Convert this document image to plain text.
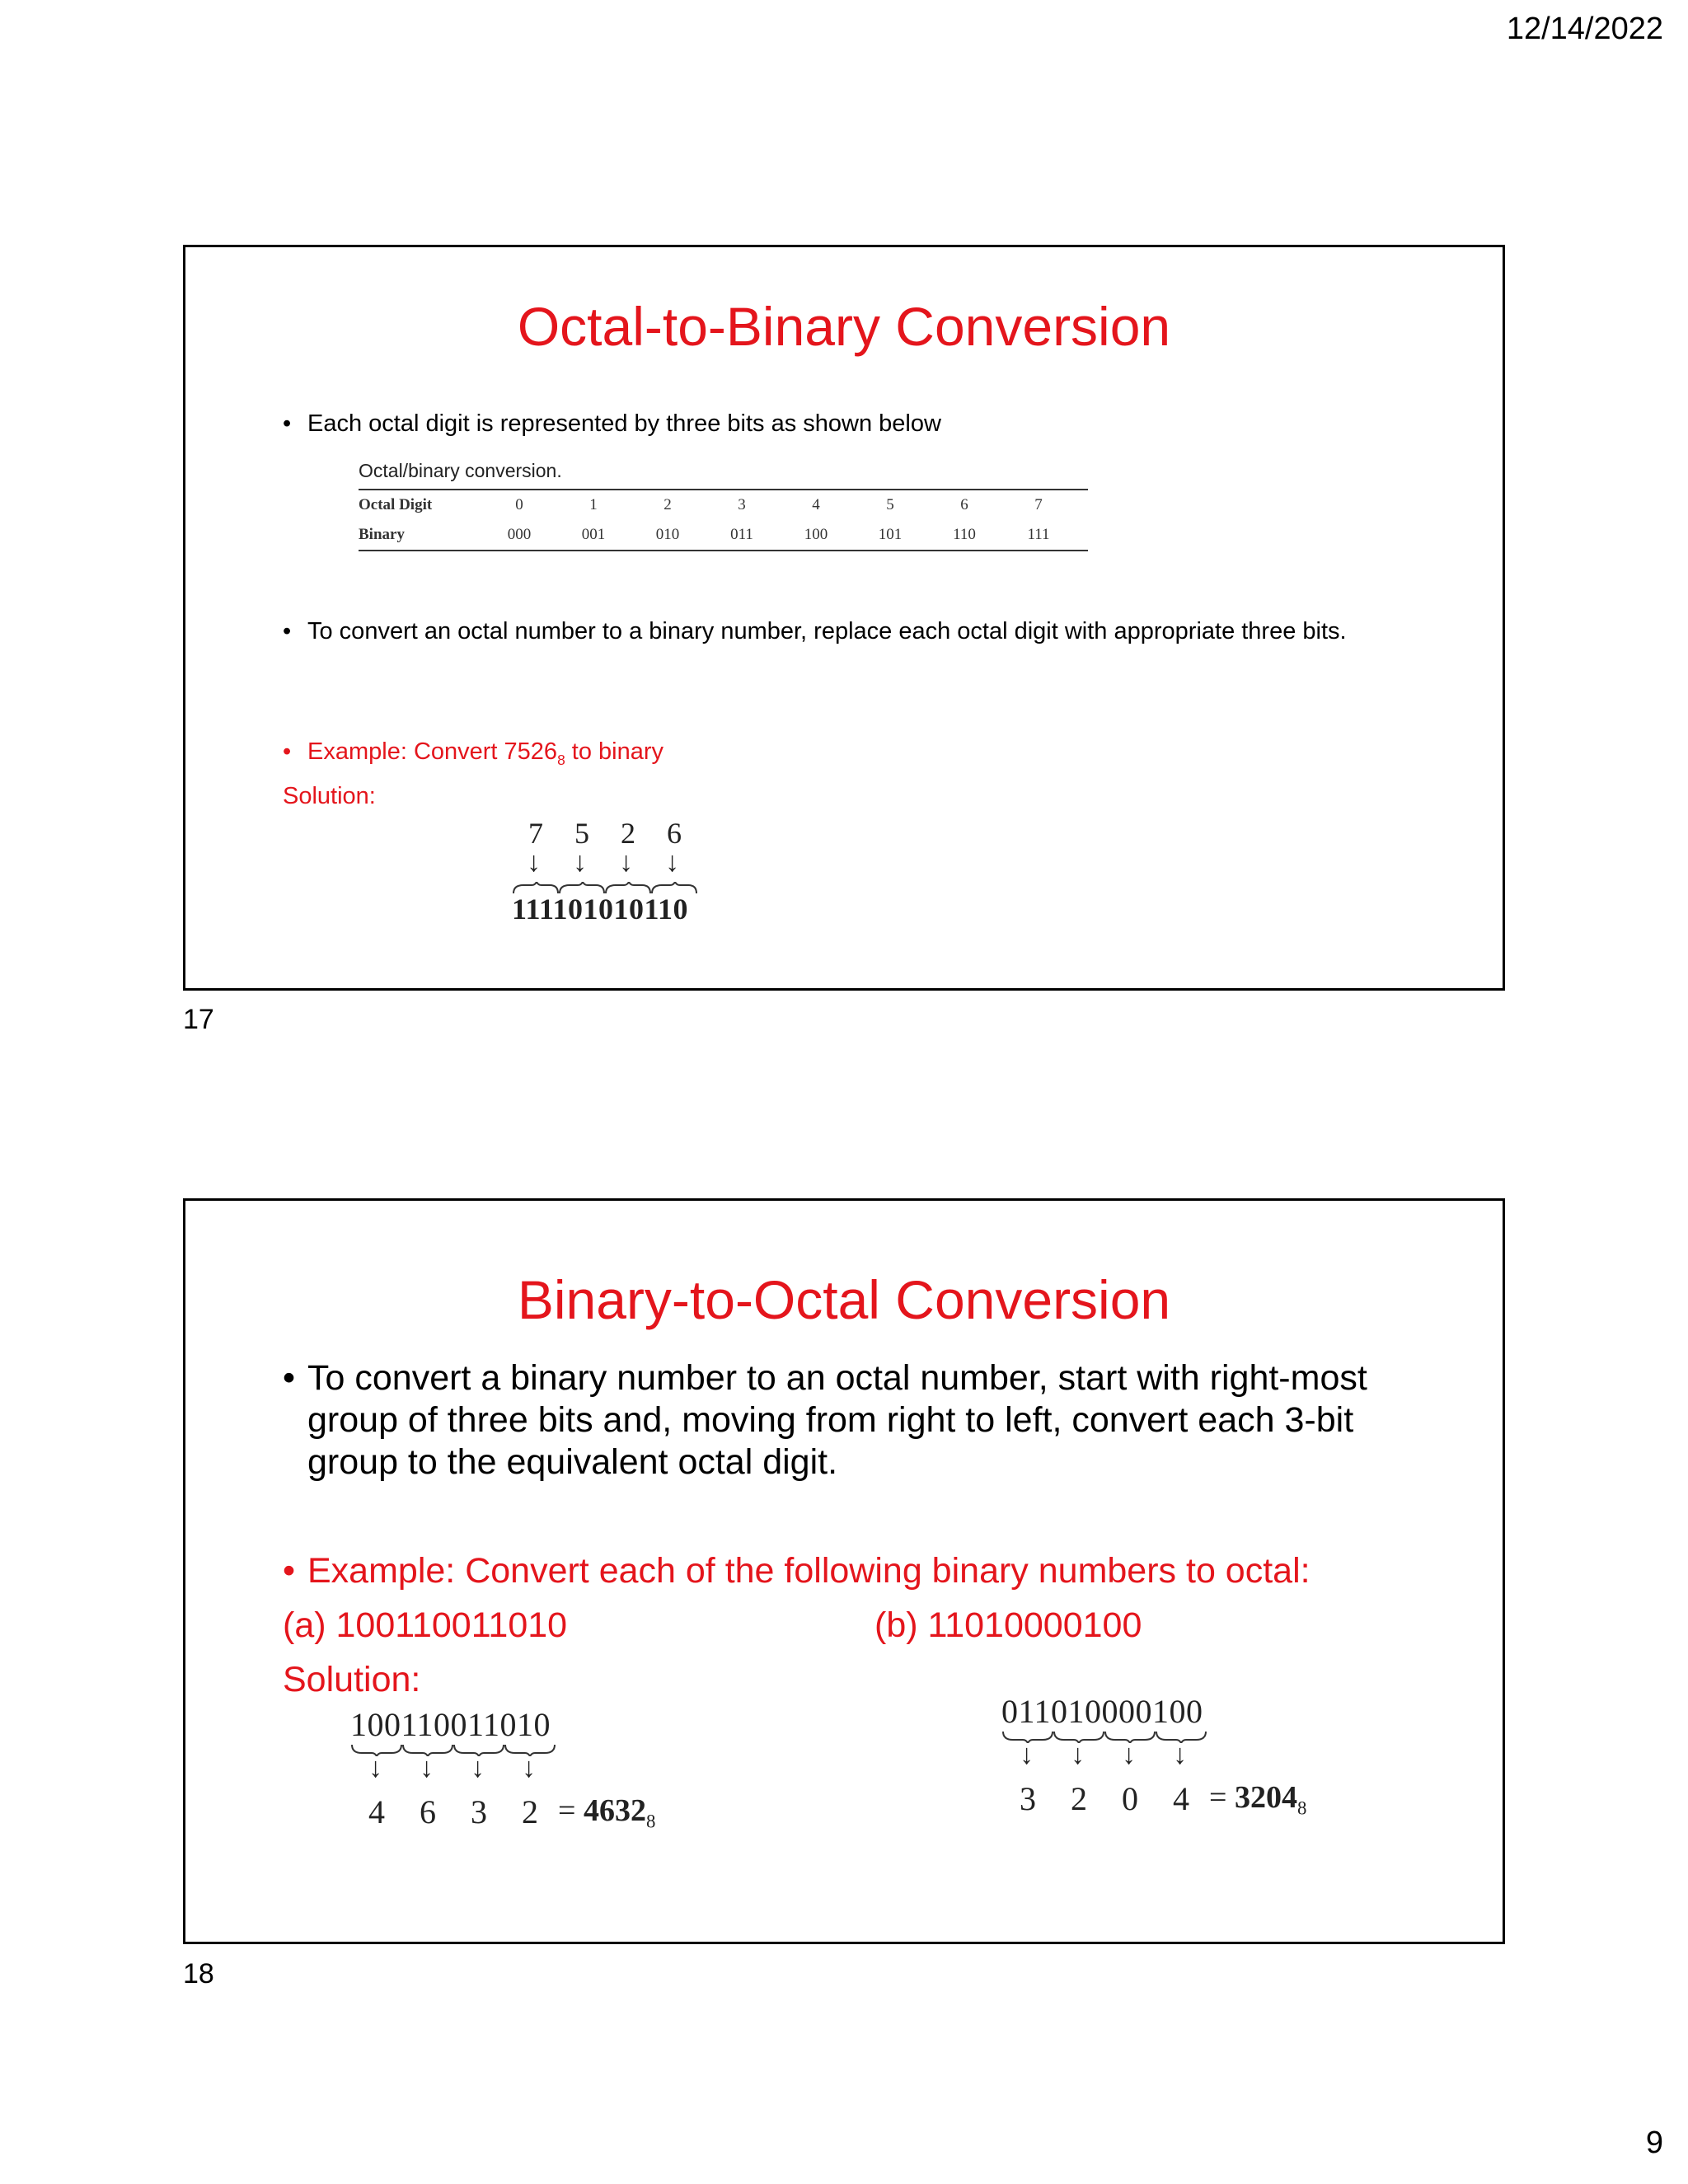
12/14/2022
Octal-to-Binary Conversion
• Each octal digit is represented by three bits as shown below
Octal/binary conversion.
Octal Digit	0	1	2	3	4	5	6	7
Binary	000	001	010	011	100	101	110	111
• To convert an octal number to a binary number, replace each octal digit with appropriate three bits.
• Example: Convert $7526_8$ to binary
Solution:
7 5 2 6
↓ ↓ ↓ ↓
111101010110
17
Binary-to-Octal Conversion
• To convert a binary number to an octal number, start with right-most group of three bits and, moving from right to left, convert each 3-bit group to the equivalent octal digit.
• Example: Convert each of the following binary numbers to octal:
(a) 100110011010	(b) 11010000100
Solution:
100110011010
↓ ↓ ↓ ↓
4 6 3 $2 = 4632_8$
011010000100
↓ ↓ ↓ ↓
3 2 0 $4 = 3204_8$
18
9
